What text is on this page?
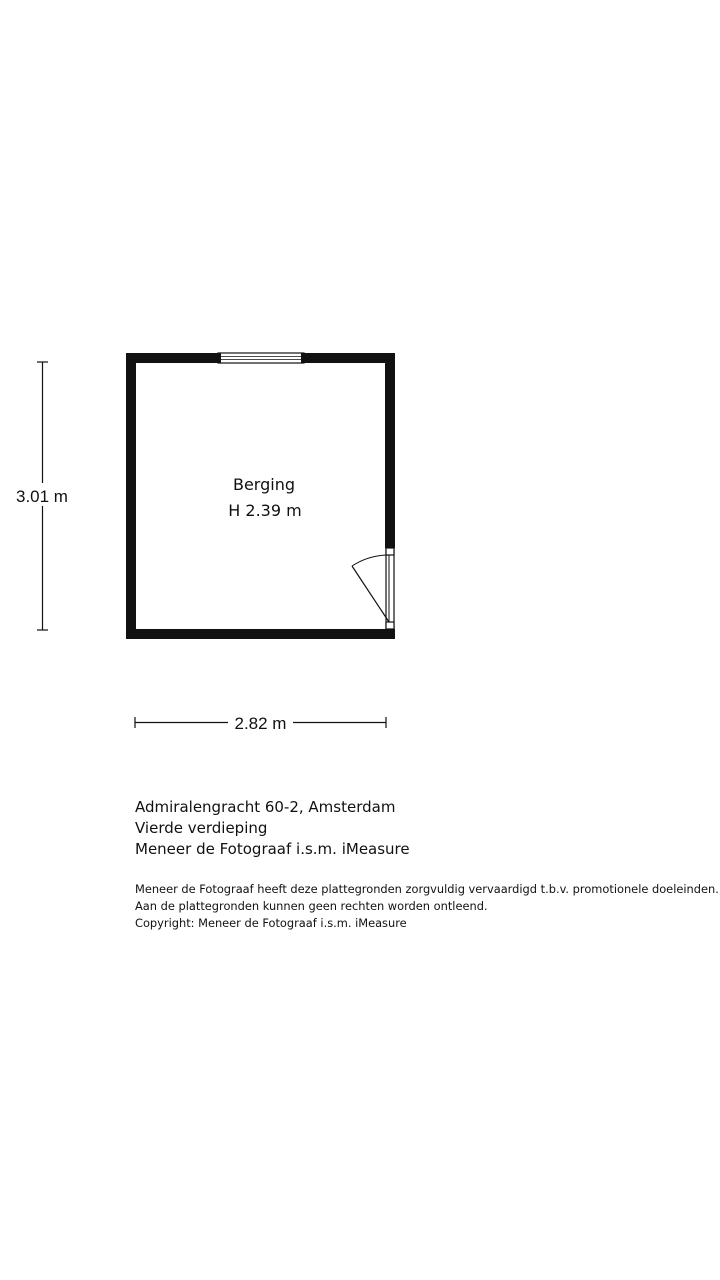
Berging
H 2.39 m
3.01 m
2.82 m
Admiralengracht 60-2, Amsterdam
Vierde verdieping
Meneer de Fotograaf i.s.m. iMeasure
Meneer de Fotograaf heeft deze plattegronden zorgvuldig vervaardigd t.b.v. promotionele doeleinden.
Aan de plattegronden kunnen geen rechten worden ontleend.
Copyright: Meneer de Fotograaf i.s.m. iMeasure
